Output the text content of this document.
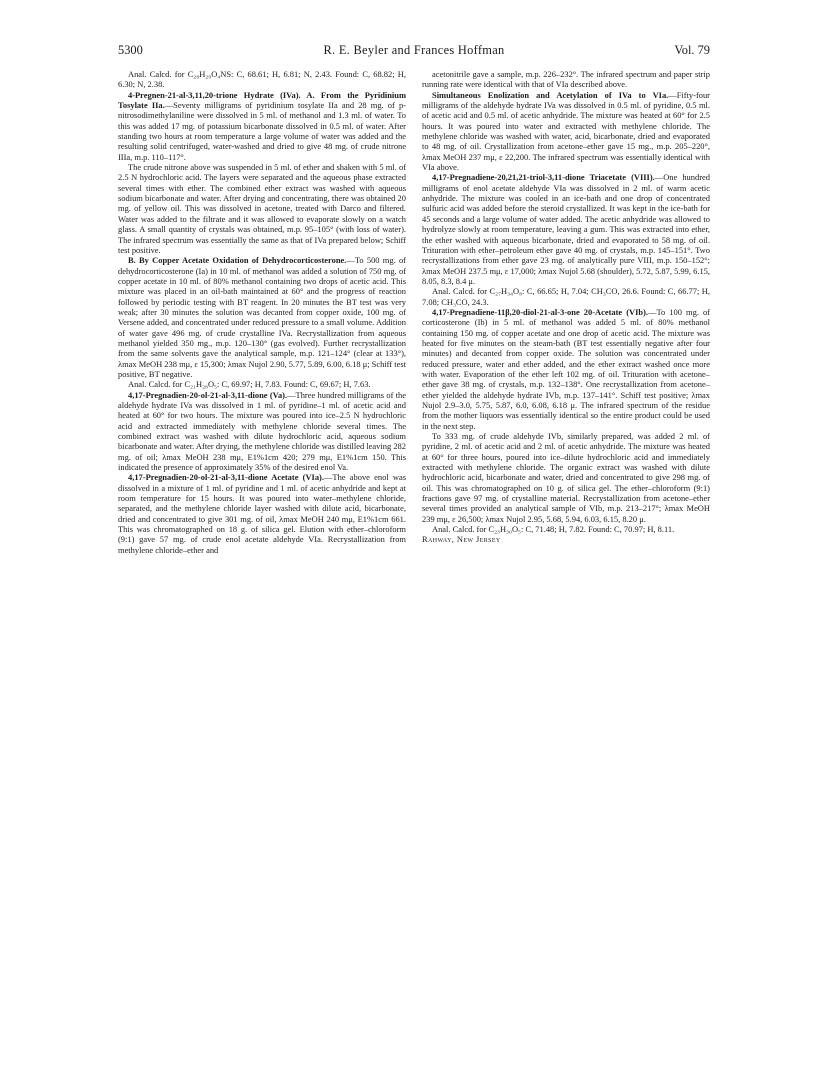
5300	R. E. Beyler and Frances Hoffman	Vol. 79

Anal. Calcd. for C₂₈H₂₉O₄NS: C, 68.61; H, 6.81; N, 2.43. Found: C, 68.82; H, 6.30; N, 2.38.

4-Pregnen-21-al-3,11,20-trione Hydrate (IVa). A. From the Pyridinium Tosylate IIa.—Seventy milligrams of pyridinium tosylate IIa and 28 mg. of p-nitrosodimethylaniline were dissolved in 5 ml. of methanol and 1.3 ml. of water. To this was added 17 mg. of potassium bicarbonate dissolved in 0.5 ml. of water. After standing two hours at room temperature a large volume of water was added and the resulting solid centrifuged, water-washed and dried to give 48 mg. of crude nitrone IIIa, m.p. 110–117°.

The crude nitrone above was suspended in 5 ml. of ether and shaken with 5 ml. of 2.5 N hydrochloric acid. The layers were separated and the aqueous phase extracted several times with ether. The combined ether extract was washed with aqueous sodium bicarbonate and water. After drying and concentrating, there was obtained 20 mg. of yellow oil. This was dissolved in acetone, treated with Darco and filtered. Water was added to the filtrate and it was allowed to evaporate slowly on a watch glass. A small quantity of crystals was obtained, m.p. 95–105° (with loss of water). The infrared spectrum was essentially the same as that of IVa prepared below; Schiff test positive.

B. By Copper Acetate Oxidation of Dehydrocorticosterone.—To 500 mg. of dehydrocorticosterone (Ia) in 10 ml. of methanol was added a solution of 750 mg. of copper acetate in 10 ml. of 80% methanol containing two drops of acetic acid. This mixture was placed in an oil-bath maintained at 60° and the progress of reaction followed by periodic testing with BT reagent. In 20 minutes the BT test was very weak; after 30 minutes the solution was decanted from copper oxide, 100 mg. of Versene added, and concentrated under reduced pressure to a small volume. Addition of water gave 496 mg. of crude crystalline IVa. Recrystallization from aqueous methanol yielded 350 mg., m.p. 120–130° (gas evolved). Further recrystallization from the same solvents gave the analytical sample, m.p. 121–124° (clear at 133°), λmax MeOH 238 mμ, ε 15,300; λmax Nujol 2.90, 5.77, 5.89, 6.00, 6.18 μ; Schiff test positive, BT negative.

Anal. Calcd. for C₂₁H₂₈O₅: C, 69.97; H, 7.83. Found: C, 69.67; H, 7.63.

4,17-Pregnadien-20-ol-21-al-3,11-dione (Va).—Three hundred milligrams of the aldehyde hydrate IVa was dissolved in 1 ml. of pyridine–1 ml. of acetic acid and heated at 60° for two hours. The mixture was poured into ice–2.5 N hydrochloric acid and extracted immediately with methylene chloride several times. The combined extract was washed with dilute hydrochloric acid, aqueous sodium bicarbonate and water. After drying, the methylene chloride was distilled leaving 282 mg. of oil; λmax MeOH 238 mμ, E1%1cm 420; 279 mμ, E1%1cm 150. This indicated the presence of approximately 35% of the desired enol Va.

4,17-Pregnadien-20-ol-21-al-3,11-dione Acetate (VIa).—The above enol was dissolved in a mixture of 1 ml. of pyridine and 1 ml. of acetic anhydride and kept at room temperature for 15 hours. It was poured into water–methylene chloride, separated, and the methylene chloride layer washed with dilute acid, bicarbonate, dried and concentrated to give 301 mg. of oil, λmax MeOH 240 mμ, E1%1cm 661. This was chromatographed on 18 g. of silica gel. Elution with ether–chloroform (9:1) gave 57 mg. of crude enol acetate aldehyde VIa. Recrystallization from methylene chloride–ether and

acetonitrile gave a sample, m.p. 226–232°. The infrared spectrum and paper strip running rate were identical with that of VIa described above.

Simultaneous Enolization and Acetylation of IVa to VIa.—Fifty-four milligrams of the aldehyde hydrate IVa was dissolved in 0.5 ml. of pyridine, 0.5 ml. of acetic acid and 0.5 ml. of acetic anhydride. The mixture was heated at 60° for 2.5 hours. It was poured into water and extracted with methylene chloride. The methylene chloride was washed with water, acid, bicarbonate, dried and evaporated to 48 mg. of oil. Crystallization from acetone–ether gave 15 mg., m.p. 205–220°, λmax MeOH 237 mμ, ε 22,200. The infrared spectrum was essentially identical with VIa above.

4,17-Pregnadiene-20,21,21-triol-3,11-dione Triacetate (VIII).—One hundred milligrams of enol acetate aldehyde VIa was dissolved in 2 ml. of warm acetic anhydride. The mixture was cooled in an ice-bath and one drop of concentrated sulfuric acid was added before the steroid crystallized. It was kept in the ice-bath for 45 seconds and a large volume of water added. The acetic anhydride was allowed to hydrolyze slowly at room temperature, leaving a gum. This was extracted into ether, the ether washed with aqueous bicarbonate, dried and evaporated to 58 mg. of oil. Trituration with ether–petroleum ether gave 40 mg. of crystals, m.p. 145–151°. Two recrystallizations from ether gave 23 mg. of analytically pure VIII, m.p. 150–152°; λmax MeOH 237.5 mμ, ε 17,000; λmax Nujol 5.68 (shoulder), 5.72, 5.87, 5.99, 6.15, 8.05, 8.3, 8.4 μ.

Anal. Calcd. for C₂₇H₃₄O₈: C, 66.65; H, 7.04; CH₃CO, 26.6. Found: C, 66.77; H, 7.08; CH₃CO, 24.3.

4,17-Pregnadiene-11β,20-diol-21-al-3-one 20-Acetate (VIb).—To 100 mg. of corticosterone (Ib) in 5 ml. of methanol was added 5 ml. of 80% methanol containing 150 mg. of copper acetate and one drop of acetic acid. The mixture was heated for five minutes on the steam-bath (BT test essentially negative after four minutes) and decanted from copper oxide. The solution was concentrated under reduced pressure, water and ether added, and the ether extract washed once more with water. Evaporation of the ether left 102 mg. of oil. Trituration with acetone–ether gave 38 mg. of crystals, m.p. 132–138°. One recrystallization from acetone–ether yielded the aldehyde hydrate IVb, m.p. 137–141°. Schiff test positive; λmax Nujol 2.9–3.0, 5.75, 5.87, 6.0, 6.08, 6.18 μ. The infrared spectrum of the residue from the mother liquors was essentially identical so the entire product could be used in the next step.

To 333 mg. of crude aldehyde IVb, similarly prepared, was added 2 ml. of pyridine, 2 ml. of acetic acid and 2 ml. of acetic anhydride. The mixture was heated at 60° for three hours, poured into ice–dilute hydrochloric acid and immediately extracted with methylene chloride. The organic extract was washed with dilute hydrochloric acid, bicarbonate and water, dried and concentrated to give 298 mg. of oil. This was chromatographed on 10 g. of silica gel. The ether–chloroform (9:1) fractions gave 97 mg. of crystalline material. Recrystallization from acetone–ether several times provided an analytical sample of VIb, m.p. 213–217°; λmax MeOH 239 mμ, ε 26,500; λmax Nujol 2.95, 5.68, 5.94, 6.03, 6.15, 8.20 μ.

Anal. Calcd. for C₂₃H₃₀O₅: C, 71.48; H, 7.82. Found: C, 70.97; H, 8.11.

Rahway, New Jersey
